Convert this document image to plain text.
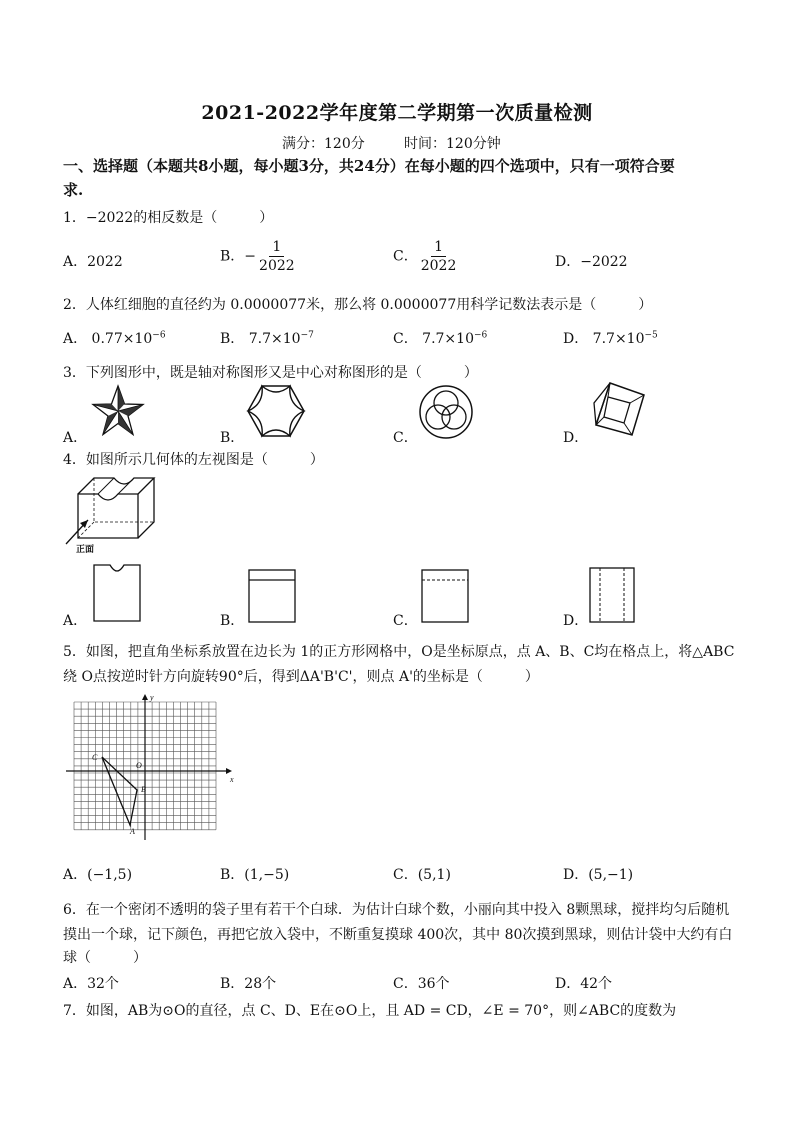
2021-2022学年度第二学期第一次质量检测
满分：120分	时间：120分钟
一、选择题（本题共8小题，每小题3分，共24分）在每小题的四个选项中，只有一项符合要
求.
1．−2022的相反数是（　　　）
A．2022	B．− $\frac{1}{2022}$	C． $\frac{1}{2022}$	D．−2022
2．人体红细胞的直径约为 0.0000077米，那么将 0.0000077用科学记数法表示是（　　　）
A． $0.77\times 10^{-6}$	B． $7.7\times 10^{-7}$	C． $7.7\times 10^{-6}$	D． $7.7\times 10^{-5}$
3．下列图形中，既是轴对称图形又是中心对称图形的是（　　　）
A．	B．	C．	D．
4．如图所示几何体的左视图是（　　　）
正面
A．	B．	C．	D．
5．如图，把直角坐标系放置在边长为 1的正方形网格中，O是坐标原点，点 A、B、C均在格点上，将△ABC
绕 O点按逆时针方向旋转90°后，得到ΔA'B'C'，则点 A'的坐标是（　　　）
y
x
C
O
B
A
A．(−1,5)	B．(1,−5)	C．(5,1)	D．(5,−1)
6．在一个密闭不透明的袋子里有若干个白球．为估计白球个数，小丽向其中投入 8颗黑球，搅拌均匀后随机
摸出一个球，记下颜色，再把它放入袋中，不断重复摸球 400次，其中 80次摸到黑球，则估计袋中大约有白
球（　　　）
A．32个	B．28个	C．36个	D．42个
7．如图，AB为⊙O的直径，点 C、D、E在⊙O上，且 AD = CD，∠E = 70°，则∠ABC的度数为
